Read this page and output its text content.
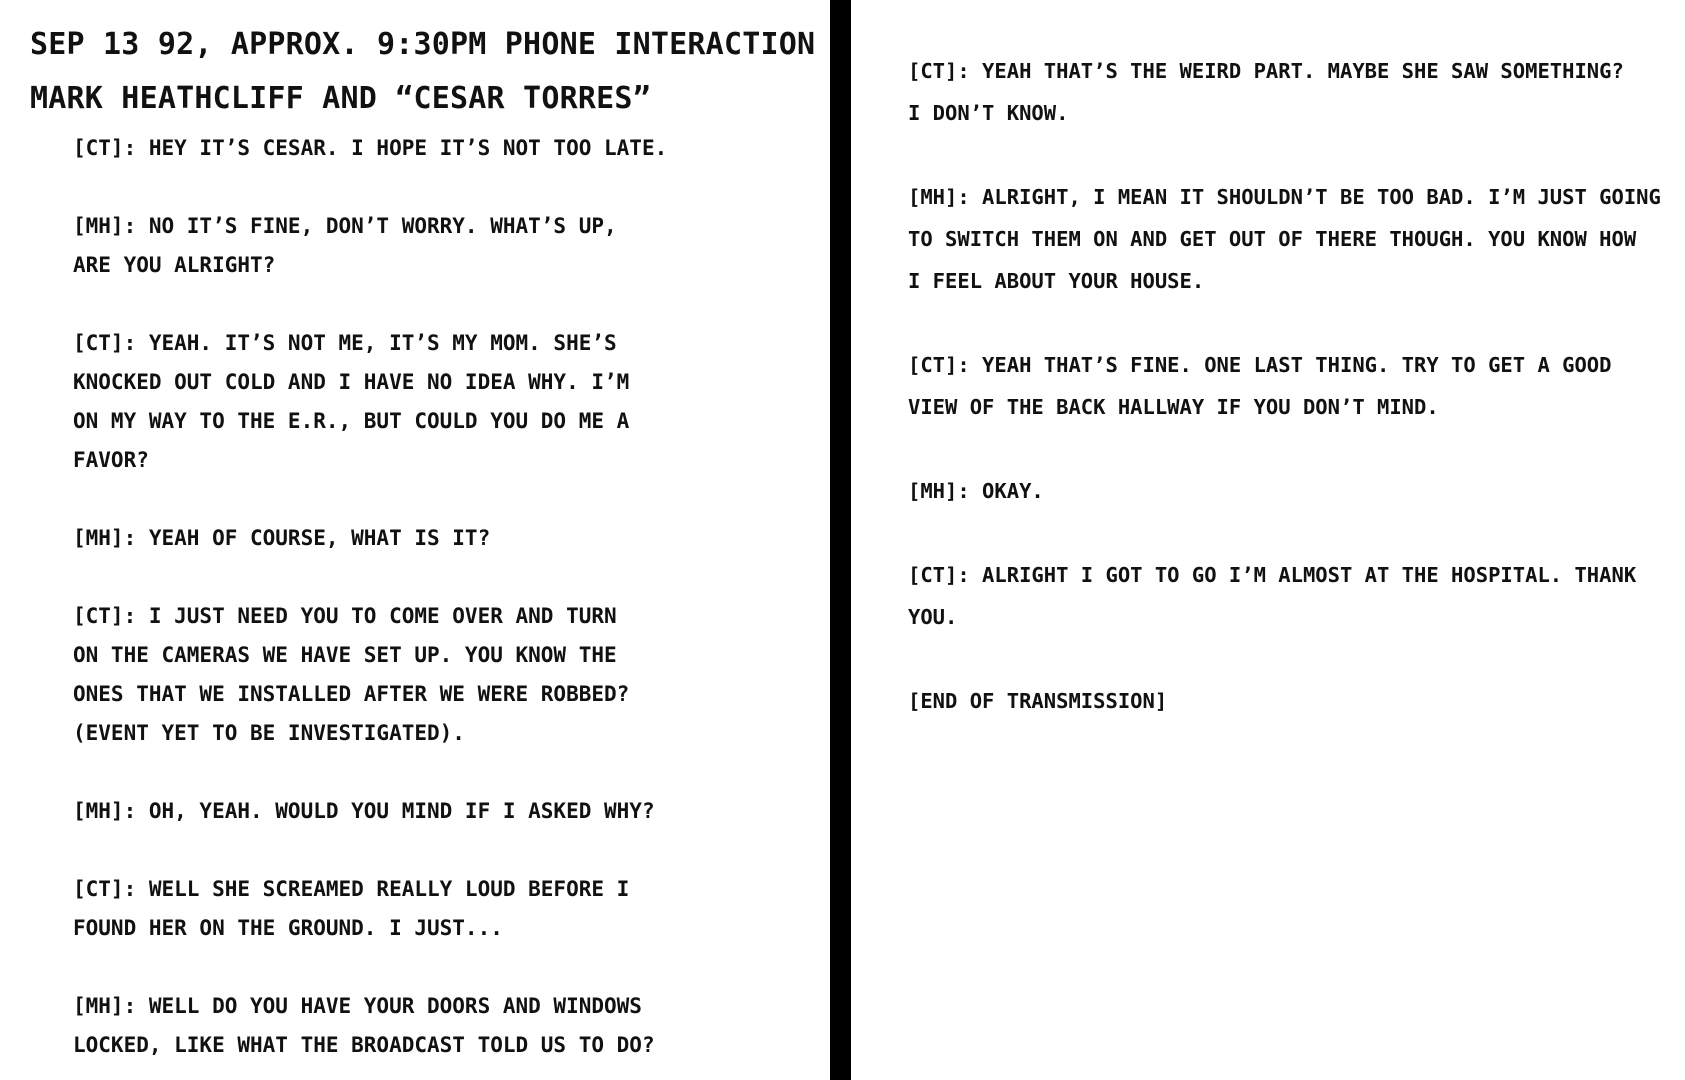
SEP 13 92, APPROX. 9:30PM PHONE INTERACTION

MARK HEATHCLIFF AND “CESAR TORRES”

[CT]: HEY IT’S CESAR. I HOPE IT’S NOT TOO LATE.

[MH]: NO IT’S FINE, DON’T WORRY. WHAT’S UP,

ARE YOU ALRIGHT?

[CT]: YEAH. IT’S NOT ME, IT’S MY MOM. SHE’S

KNOCKED OUT COLD AND I HAVE NO IDEA WHY. I’M

ON MY WAY TO THE E.R., BUT COULD YOU DO ME A

FAVOR?

[MH]: YEAH OF COURSE, WHAT IS IT?

[CT]: I JUST NEED YOU TO COME OVER AND TURN

ON THE CAMERAS WE HAVE SET UP. YOU KNOW THE

ONES THAT WE INSTALLED AFTER WE WERE ROBBED?

(EVENT YET TO BE INVESTIGATED).

[MH]: OH, YEAH. WOULD YOU MIND IF I ASKED WHY?

[CT]: WELL SHE SCREAMED REALLY LOUD BEFORE I

FOUND HER ON THE GROUND. I JUST...

[MH]: WELL DO YOU HAVE YOUR DOORS AND WINDOWS

LOCKED, LIKE WHAT THE BROADCAST TOLD US TO DO?

[CT]: YEAH THAT’S THE WEIRD PART. MAYBE SHE SAW SOMETHING?

I DON’T KNOW.

[MH]: ALRIGHT, I MEAN IT SHOULDN’T BE TOO BAD. I’M JUST GOING

TO SWITCH THEM ON AND GET OUT OF THERE THOUGH. YOU KNOW HOW

I FEEL ABOUT YOUR HOUSE.

[CT]: YEAH THAT’S FINE. ONE LAST THING. TRY TO GET A GOOD

VIEW OF THE BACK HALLWAY IF YOU DON’T MIND.

[MH]: OKAY.

[CT]: ALRIGHT I GOT TO GO I’M ALMOST AT THE HOSPITAL. THANK

YOU.

[END OF TRANSMISSION]
